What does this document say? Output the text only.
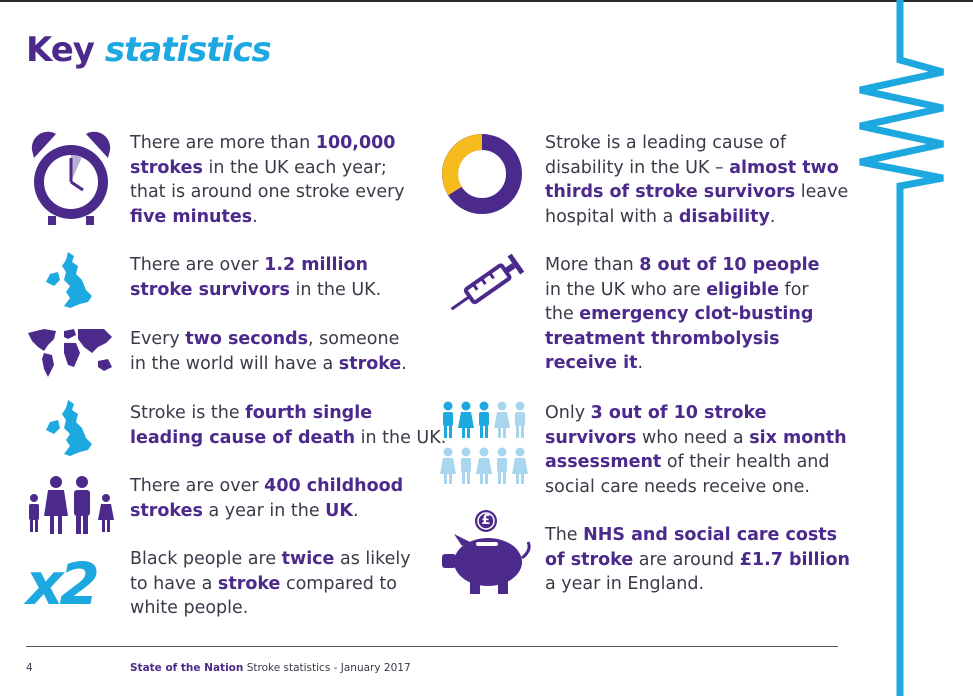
Key statistics
x2
£
There are more than 100,000
strokes in the UK each year;
that is around one stroke every
five minutes.
There are over 1.2 million
stroke survivors in the UK.
Every two seconds, someone
in the world will have a stroke.
Stroke is the fourth single
leading cause of death in the UK.
There are over 400 childhood
strokes a year in the UK.
Black people are twice as likely
to have a stroke compared to
white people.
Stroke is a leading cause of
disability in the UK – almost two
thirds of stroke survivors leave
hospital with a disability.
More than 8 out of 10 people
in the UK who are eligible for
the emergency clot-busting
treatment thrombolysis
receive it.
Only 3 out of 10 stroke
survivors who need a six month
assessment of their health and
social care needs receive one.
The NHS and social care costs
of stroke are around £1.7 billion
a year in England.
4	State of the Nation Stroke statistics - January 2017
